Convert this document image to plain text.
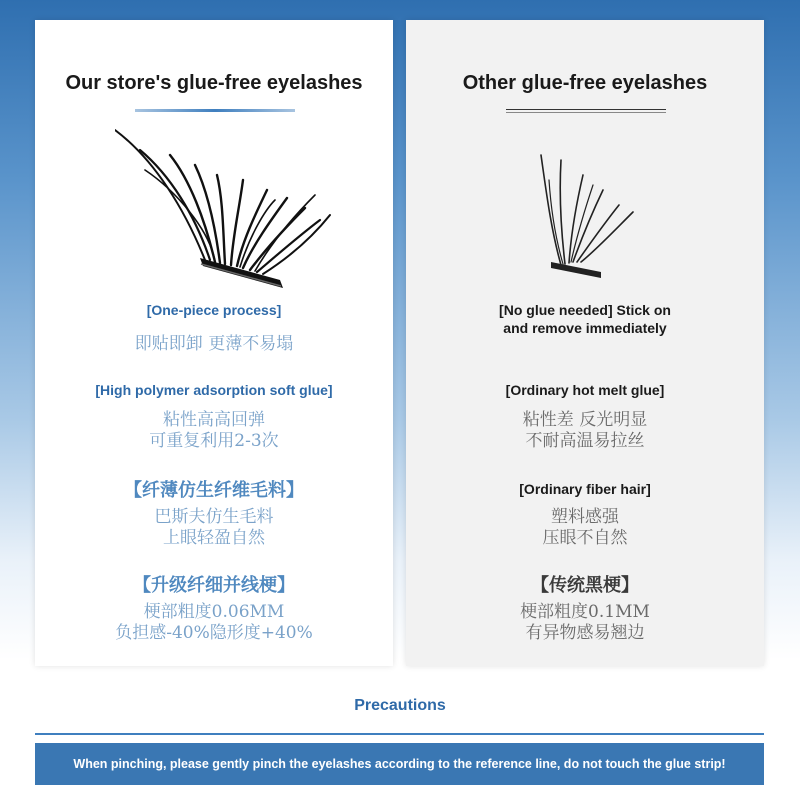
Our store's glue-free eyelashes
[One-piece process]
即贴即卸 更薄不易塌
[High polymer adsorption soft glue]
粘性高高回弹
可重复利用2-3次
【纤薄仿生纤维毛料】
巴斯夫仿生毛料
上眼轻盈自然
【升级纤细并线梗】
梗部粗度0.06MM
负担感-40%隐形度+40%
Other glue-free eyelashes
[No glue needed] Stick on
and remove immediately
[Ordinary hot melt glue]
粘性差 反光明显
不耐高温易拉丝
[Ordinary fiber hair]
塑料感强
压眼不自然
【传统黑梗】
梗部粗度0.1MM
有异物感易翘边
Precautions
When pinching, please gently pinch the eyelashes according to the reference line, do not touch the glue strip!
